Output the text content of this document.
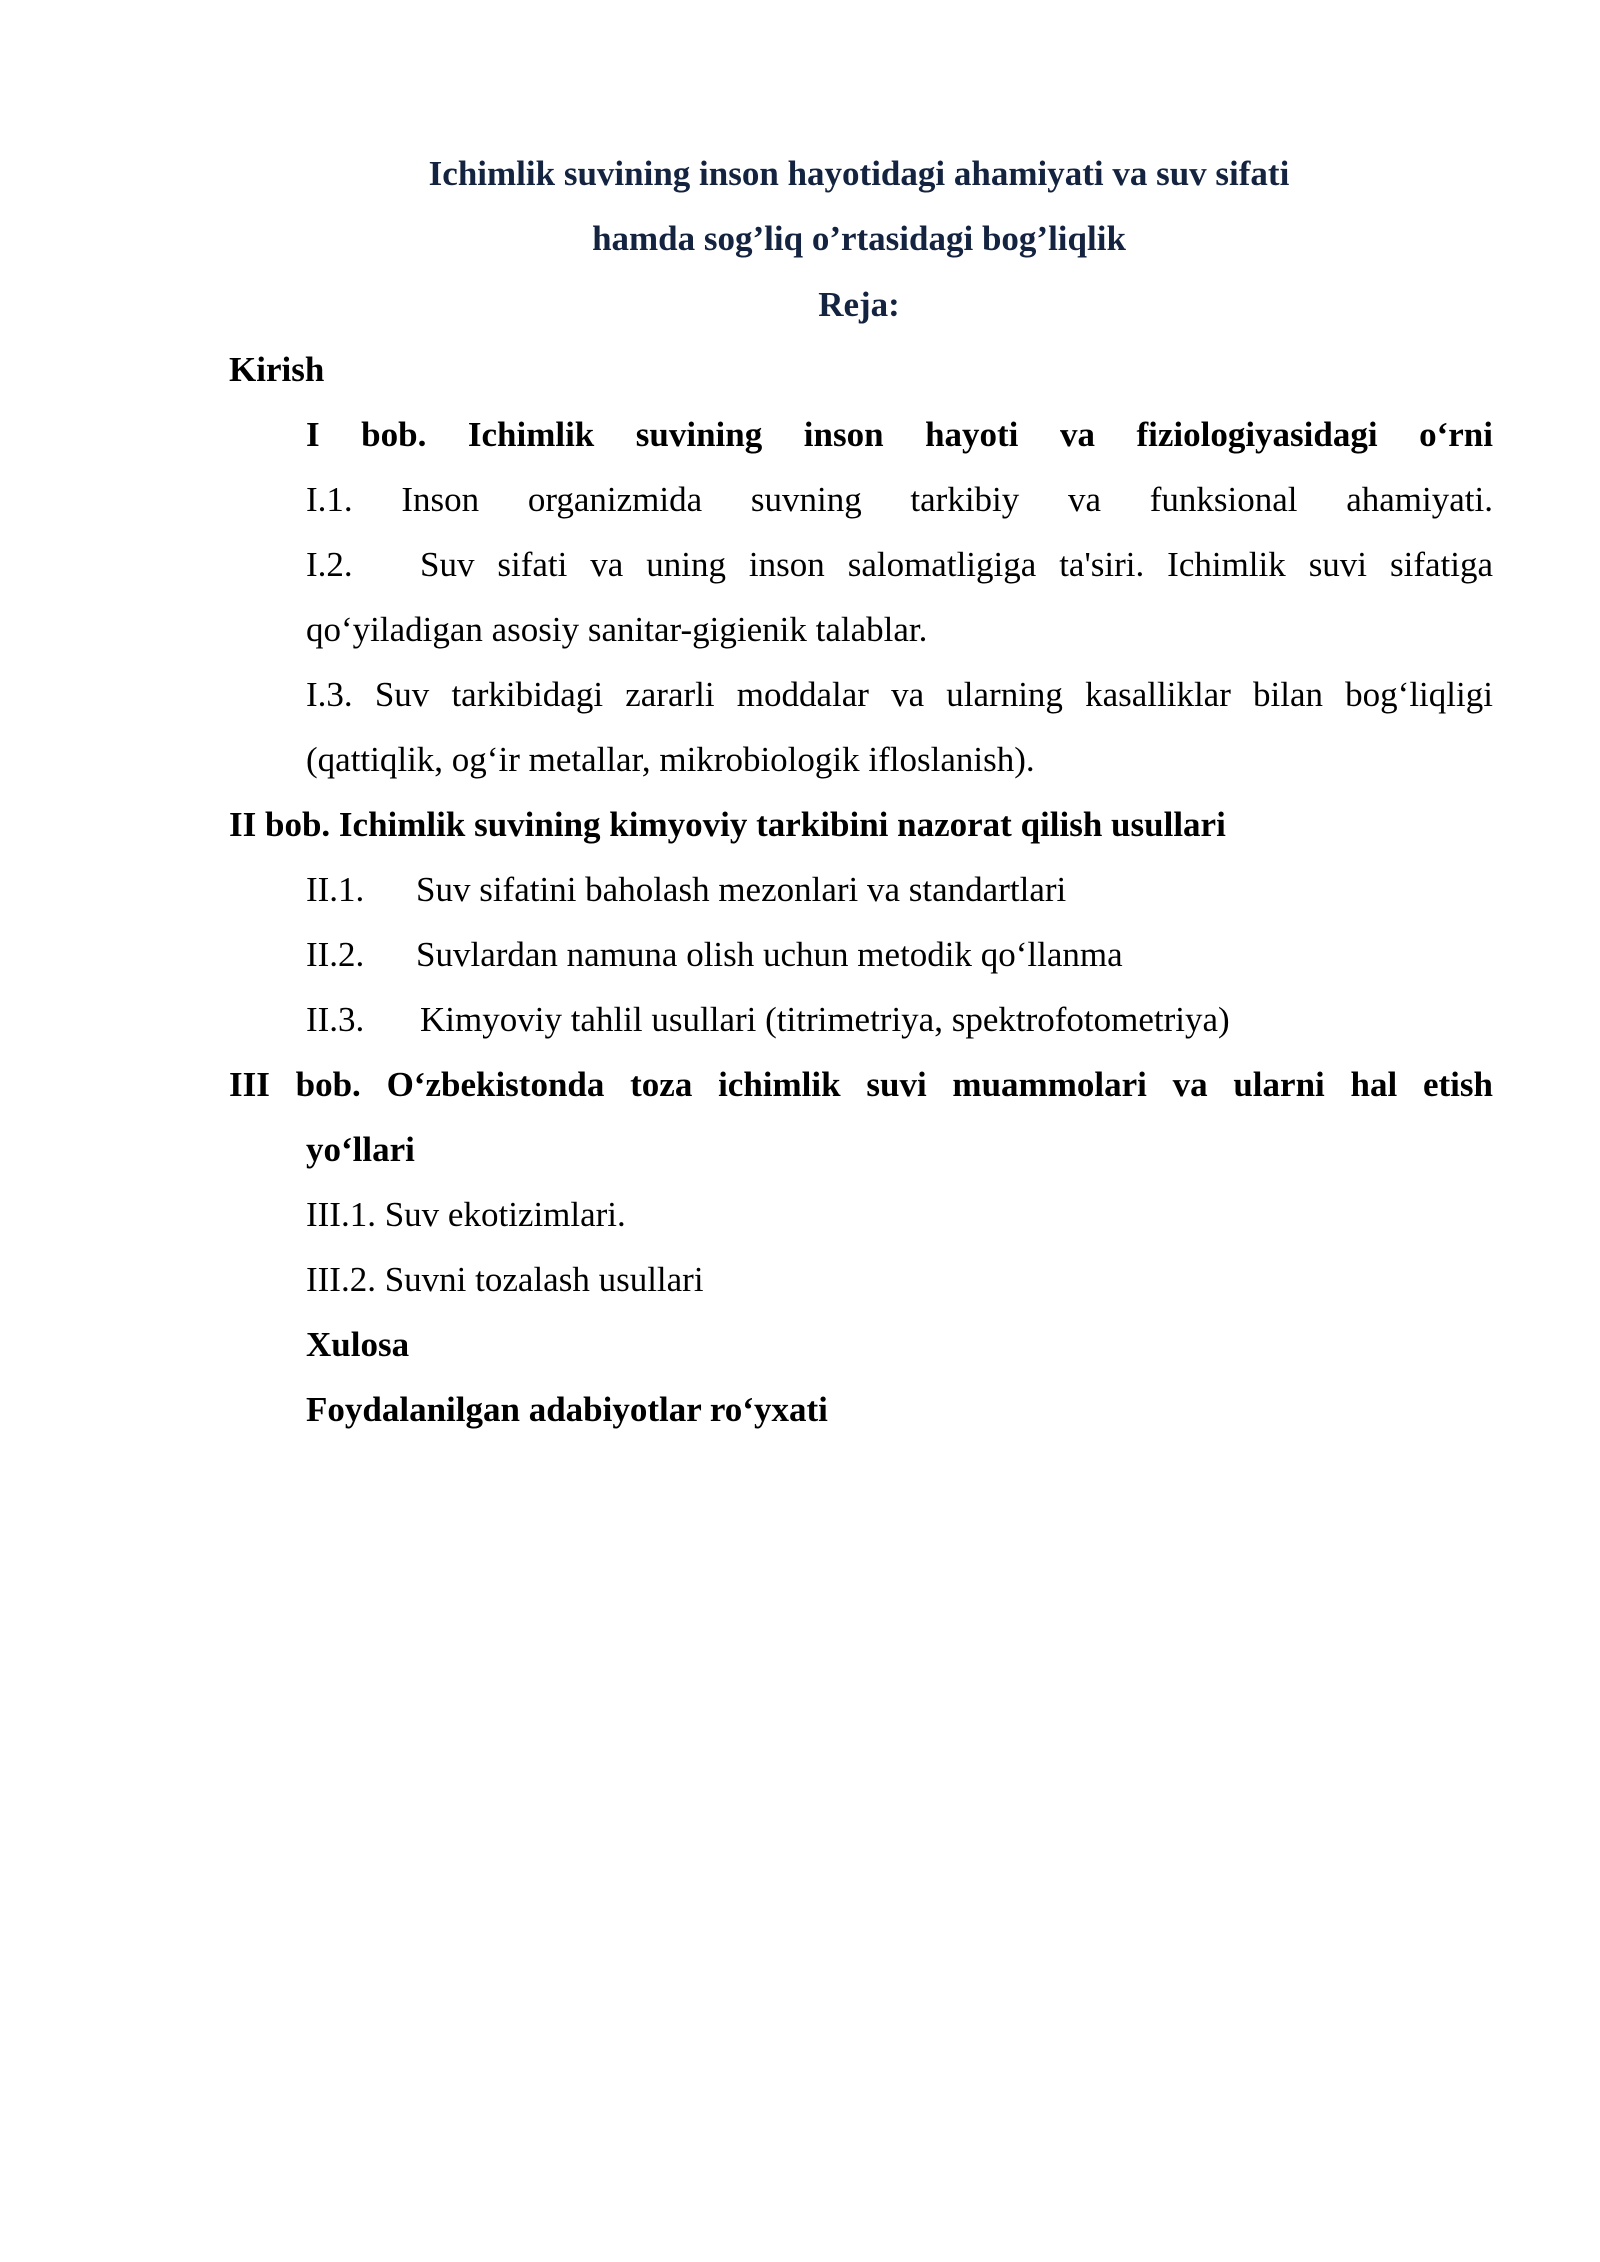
Ichimlik suvining inson hayotidagi ahamiyati va suv sifati
hamda sog’liq o’rtasidagi bog’liqlik
Reja:
Kirish
I bob. Ichimlik suvining inson hayoti va fiziologiyasidagi o‘rni
I.1. Inson organizmida suvning tarkibiy va funksional ahamiyati.
I.2. Suv sifati va uning inson salomatligiga ta'siri. Ichimlik suvi sifatiga
qo‘yiladigan asosiy sanitar-gigienik talablar.
I.3. Suv tarkibidagi zararli moddalar va ularning kasalliklar bilan bog‘liqligi
(qattiqlik, og‘ir metallar, mikrobiologik ifloslanish).
II bob. Ichimlik suvining kimyoviy tarkibini nazorat qilish usullari
II.1. Suv sifatini baholash mezonlari va standartlari
II.2. Suvlardan namuna olish uchun metodik qo‘llanma
II.3. Kimyoviy tahlil usullari (titrimetriya, spektrofotometriya)
III bob. O‘zbekistonda toza ichimlik suvi muammolari va ularni hal etish
yo‘llari
III.1. Suv ekotizimlari.
III.2. Suvni tozalash usullari
Xulosa
Foydalanilgan adabiyotlar ro‘yxati
